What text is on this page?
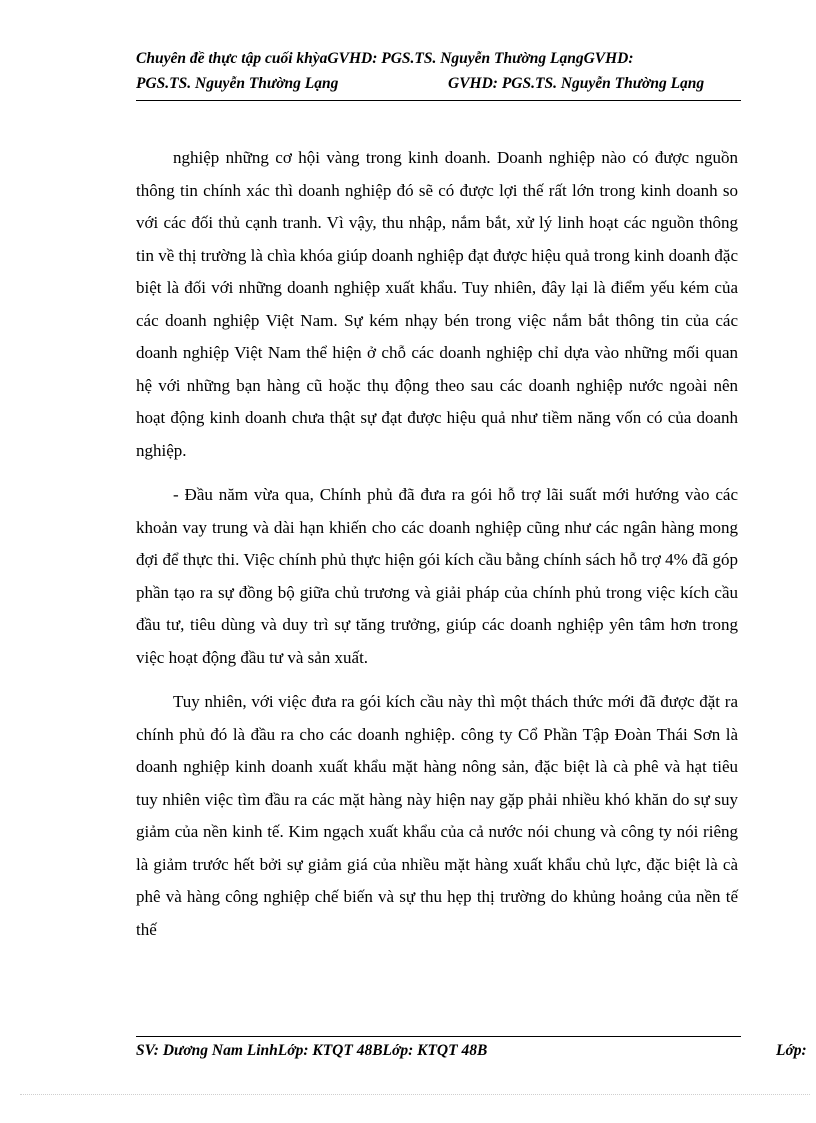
Chuyên đề thực tập cuối khỳaGVHD: PGS.TS. Nguyễn Thường LạngGVHD:
PGS.TS. Nguyễn Thường Lạng	GVHD: PGS.TS. Nguyễn Thường Lạng

nghiệp những cơ hội vàng trong kinh doanh. Doanh nghiệp nào có được nguồn thông tin chính xác thì doanh nghiệp đó sẽ có được lợi thế rất lớn trong kinh doanh so với các đối thủ cạnh tranh. Vì vậy, thu nhập, nắm bắt, xử lý linh hoạt các nguồn thông tin về thị trường là chìa khóa giúp doanh nghiệp đạt được hiệu quả trong kinh doanh đặc biệt là đối với những doanh nghiệp xuất khẩu. Tuy nhiên, đây lại là điểm yếu kém của các doanh nghiệp Việt Nam. Sự kém nhạy bén trong việc nắm bắt thông tin của các doanh nghiệp Việt Nam thể hiện ở chỗ các doanh nghiệp chỉ dựa vào những mối quan hệ với những bạn hàng cũ hoặc thụ động theo sau các doanh nghiệp nước ngoài nên hoạt động kinh doanh chưa thật sự đạt được hiệu quả như tiềm năng vốn có của doanh nghiệp.

- Đầu năm vừa qua, Chính phủ đã đưa ra gói hỗ trợ lãi suất mới hướng vào các khoản vay trung và dài hạn khiến cho các doanh nghiệp cũng như các ngân hàng mong đợi để thực thi. Việc chính phủ thực hiện gói kích cầu bằng chính sách hỗ trợ 4% đã góp phần tạo ra sự đồng bộ giữa chủ trương và giải pháp của chính phủ trong việc kích cầu đầu tư, tiêu dùng và duy trì sự tăng trưởng, giúp các doanh nghiệp yên tâm hơn trong việc hoạt động đầu tư và sản xuất.

Tuy nhiên, với việc đưa ra gói kích cầu này thì một thách thức mới đã được đặt ra chính phủ đó là đầu ra cho các doanh nghiệp. công ty Cổ Phần Tập Đoàn Thái Sơn là doanh nghiệp kinh doanh xuất khẩu mặt hàng nông sản, đặc biệt là cà phê và hạt tiêu tuy nhiên việc tìm đầu ra các mặt hàng này hiện nay gặp phải nhiều khó khăn do sự suy giảm của nền kinh tế. Kim ngạch xuất khẩu của cả nước nói chung và công ty nói riêng là giảm trước hết bởi sự giảm giá của nhiều mặt hàng xuất khẩu chủ lực, đặc biệt là cà phê và hàng công nghiệp chế biến và sự thu hẹp thị trường do khủng hoảng của nền tế thế

SV: Dương Nam LinhLớp: KTQT 48BLớp: KTQT 48B	Lớp:
